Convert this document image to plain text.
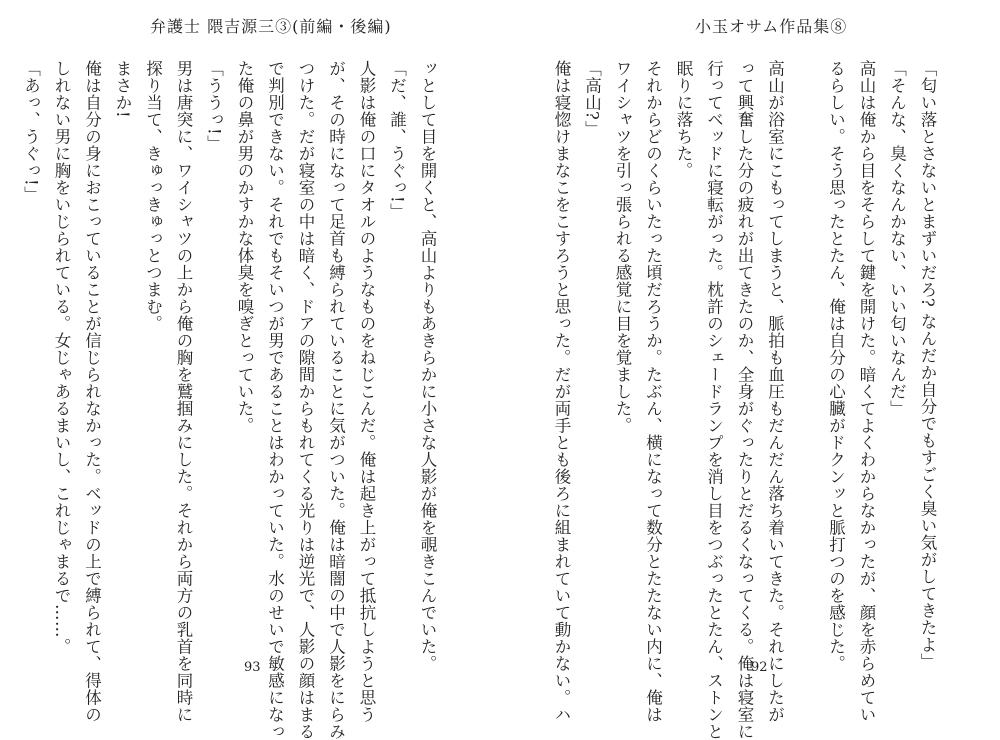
弁護士 隈吉源三③(前編・後編)
ッとして目を開くと、高山よりもあきらかに小さな人影が俺を覗きこんでいた。
「だ、誰、うぐっ!」
人影は俺の口にタオルのようなものをねじこんだ。俺は起き上がって抵抗しようと思う
が、その時になって足首も縛られていることに気がついた。俺は暗闇の中で人影をにらみ
つけた。だが寝室の中は暗く、ドアの隙間からもれてくる光りは逆光で、人影の顔はまる
で判別できない。それでもそいつが男であることはわかっていた。水のせいで敏感になっ
た俺の鼻が男のかすかな体臭を嗅ぎとっていた。
「ううっ!」
男は唐突に、ワイシャツの上から俺の胸を鷲掴みにした。それから両方の乳首を同時に
探り当て、きゅっきゅっとつまむ。
まさか!
俺は自分の身におこっていることが信じられなかった。ベッドの上で縛られて、得体の
しれない男に胸をいじられている。女じゃあるまいし、これじゃまるで……。
「あっ、うぐっ!」
93
小玉オサム作品集⑧
「匂い落とさないとまずいだろ? なんだか自分でもすごく臭い気がしてきたよ」
「そんな、臭くなんかない、いい匂いなんだ」
高山は俺から目をそらして鍵を開けた。暗くてよくわからなかったが、顔を赤らめてい
るらしい。そう思ったとたん、俺は自分の心臓がドクンッと脈打つのを感じた。

高山が浴室にこもってしまうと、脈拍も血圧もだんだん落ち着いてきた。それにしたが
って興奮した分の疲れが出てきたのか、全身がぐったりとだるくなってくる。俺は寝室に
行ってベッドに寝転がった。枕許のシェードランプを消し目をつぶったとたん、ストンと
眠りに落ちた。
それからどのくらいたった頃だろうか。たぶん、横になって数分とたたない内に、俺は
ワイシャツを引っ張られる感覚に目を覚ました。
「高山?」
俺は寝惚けまなこをこすろうと思った。だが両手とも後ろに組まれていて動かない。ハ	92
